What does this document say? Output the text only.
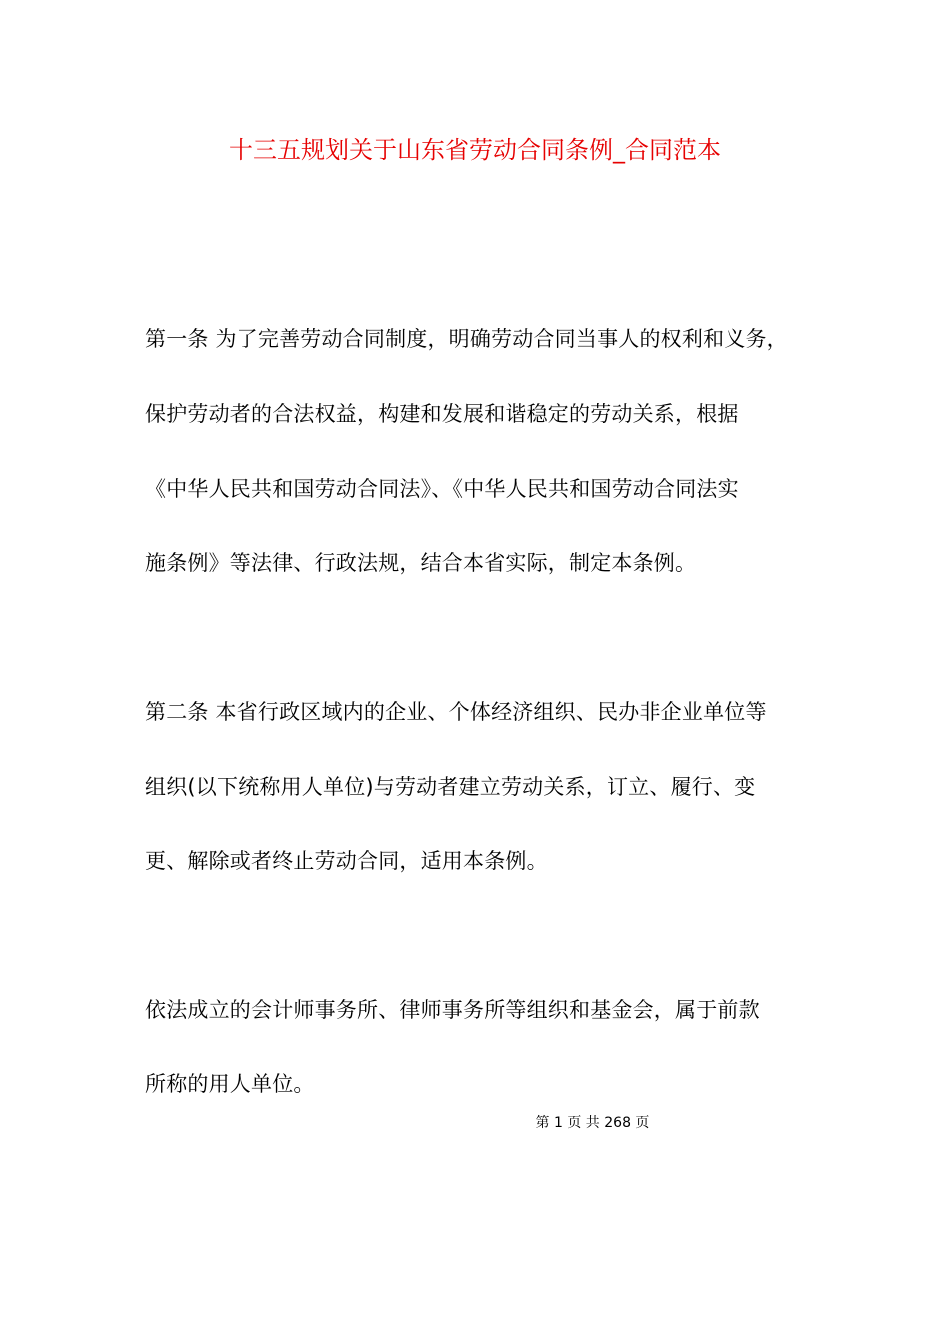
十三五规划关于山东省劳动合同条例_合同范本
第一条 为了完善劳动合同制度，明确劳动合同当事人的权利和义务，
保护劳动者的合法权益，构建和发展和谐稳定的劳动关系，根据
《中华人民共和国劳动合同法》、《中华人民共和国劳动合同法实
施条例》等法律、行政法规，结合本省实际，制定本条例。
第二条 本省行政区域内的企业、个体经济组织、民办非企业单位等
组织(以下统称用人单位)与劳动者建立劳动关系，订立、履行、变
更、解除或者终止劳动合同，适用本条例。
依法成立的会计师事务所、律师事务所等组织和基金会，属于前款
所称的用人单位。
第 1 页 共 268 页
